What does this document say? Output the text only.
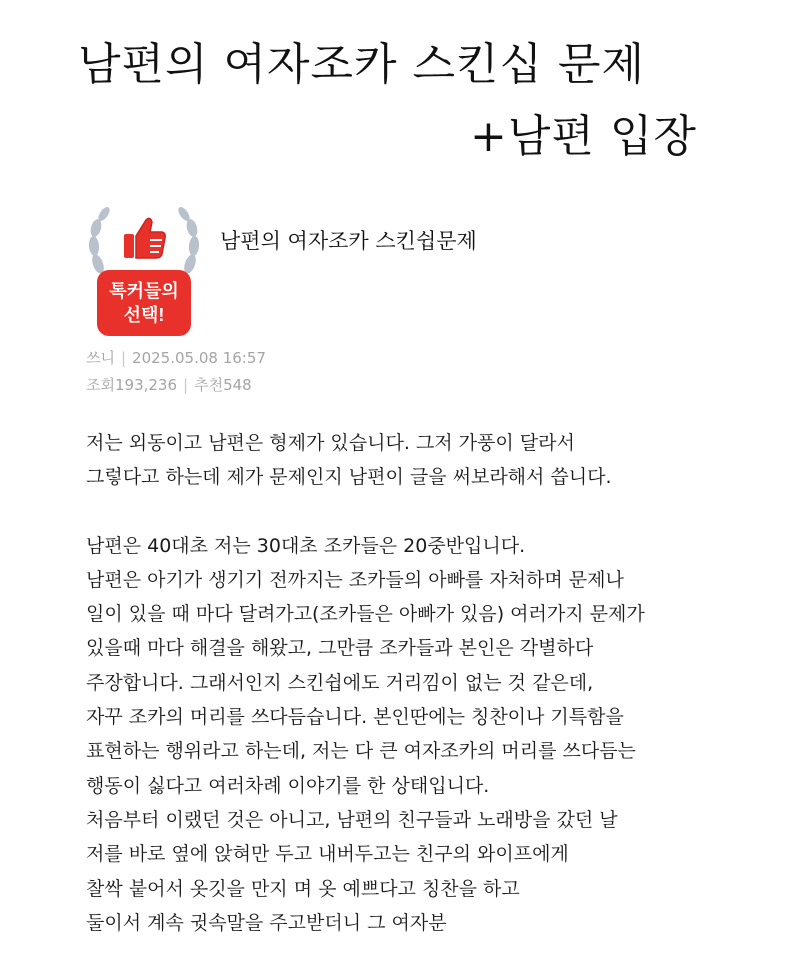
남편의 여자조카 스킨십 문제
+남편 입장
톡커들의
선택!
남편의 여자조카 스킨쉽문제
쓰니 | 2025.05.08 16:57
조회193,236 | 추천548

저는 외동이고 남편은 형제가 있습니다. 그저 가풍이 달라서

그렇다고 하는데 제가 문제인지 남편이 글을 써보라해서 씁니다.

남편은 40대초 저는 30대초 조카들은 20중반입니다.

남편은 아기가 생기기 전까지는 조카들의 아빠를 자처하며 문제나

일이 있을 때 마다 달려가고(조카들은 아빠가 있음) 여러가지 문제가

있을때 마다 해결을 해왔고, 그만큼 조카들과 본인은 각별하다

주장합니다. 그래서인지 스킨쉽에도 거리낌이 없는 것 같은데,

자꾸 조카의 머리를 쓰다듬습니다. 본인딴에는 칭찬이나 기특함을

표현하는 행위라고 하는데, 저는 다 큰 여자조카의 머리를 쓰다듬는

행동이 싫다고 여러차례 이야기를 한 상태입니다.

처음부터 이랬던 것은 아니고, 남편의 친구들과 노래방을 갔던 날

저를 바로 옆에 앉혀만 두고 내버두고는 친구의 와이프에게

찰싹 붙어서 옷깃을 만지 며 옷 예쁘다고 칭찬을 하고

둘이서 계속 귓속말을 주고받더니 그 여자분
